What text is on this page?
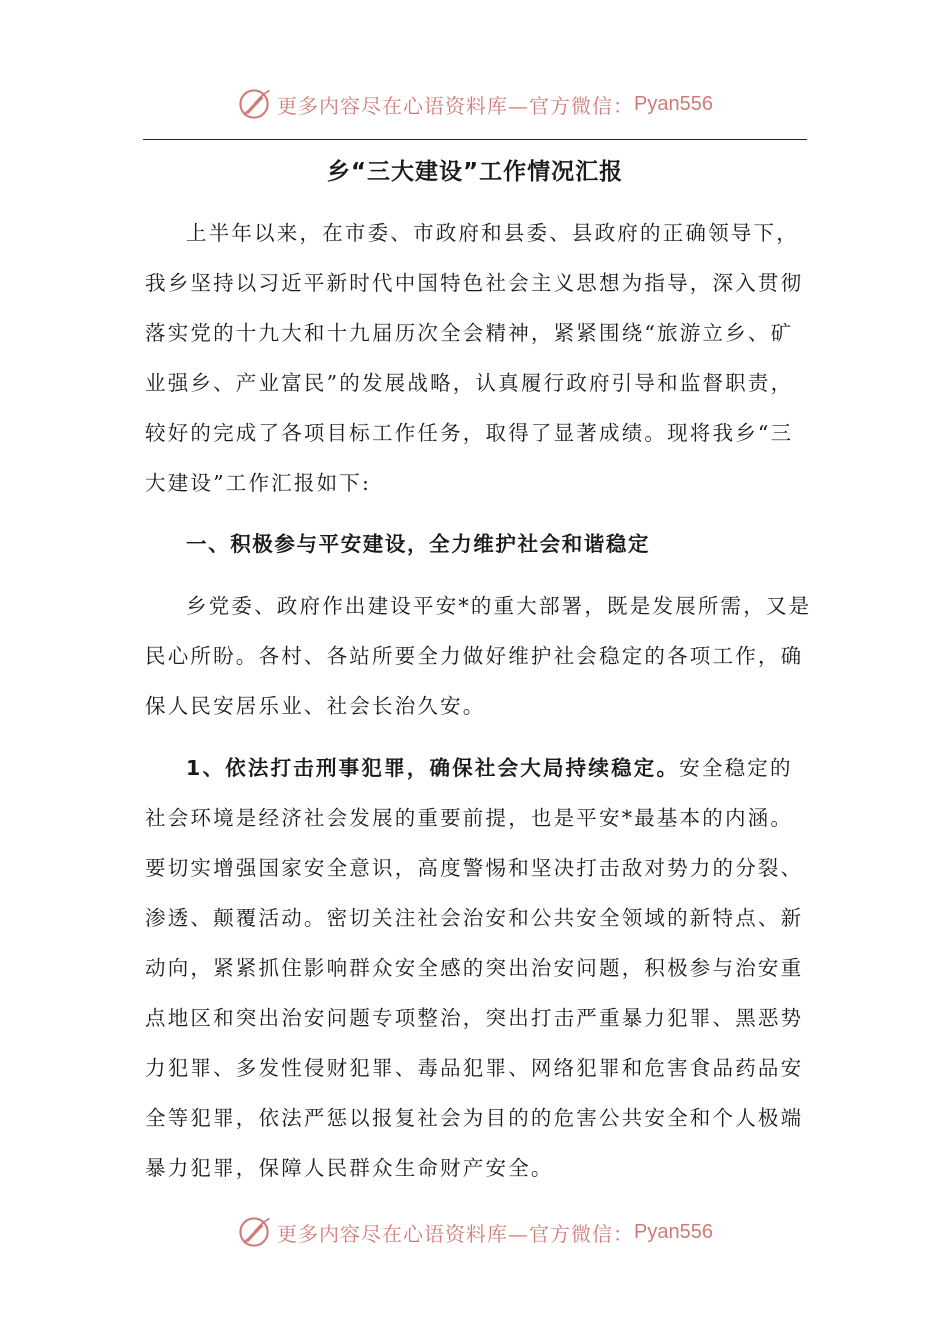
更多内容尽在心语资料库—官方微信： Pyan556
乡“三大建设”工作情况汇报

上半年以来，在市委、市政府和县委、县政府的正确领导下，我乡坚持以习近平新时代中国特色社会主义思想为指导，深入贯彻落实党的十九大和十九届历次全会精神，紧紧围绕“旅游立乡、矿业强乡、产业富民”的发展战略，认真履行政府引导和监督职责，较好的完成了各项目标工作任务，取得了显著成绩。现将我乡“三大建设”工作汇报如下:

一、积极参与平安建设，全力维护社会和谐稳定

乡党委、政府作出建设平安*的重大部署，既是发展所需，又是民心所盼。各村、各站所要全力做好维护社会稳定的各项工作，确保人民安居乐业、社会长治久安。

1、依法打击刑事犯罪，确保社会大局持续稳定。安全稳定的社会环境是经济社会发展的重要前提，也是平安*最基本的内涵。要切实增强国家安全意识，高度警惕和坚决打击敌对势力的分裂、渗透、颠覆活动。密切关注社会治安和公共安全领域的新特点、新动向，紧紧抓住影响群众安全感的突出治安问题，积极参与治安重点地区和突出治安问题专项整治，突出打击严重暴力犯罪、黑恶势力犯罪、多发性侵财犯罪、毒品犯罪、网络犯罪和危害食品药品安全等犯罪，依法严惩以报复社会为目的的危害公共安全和个人极端暴力犯罪，保障人民群众生命财产安全。

更多内容尽在心语资料库—官方微信： Pyan556
